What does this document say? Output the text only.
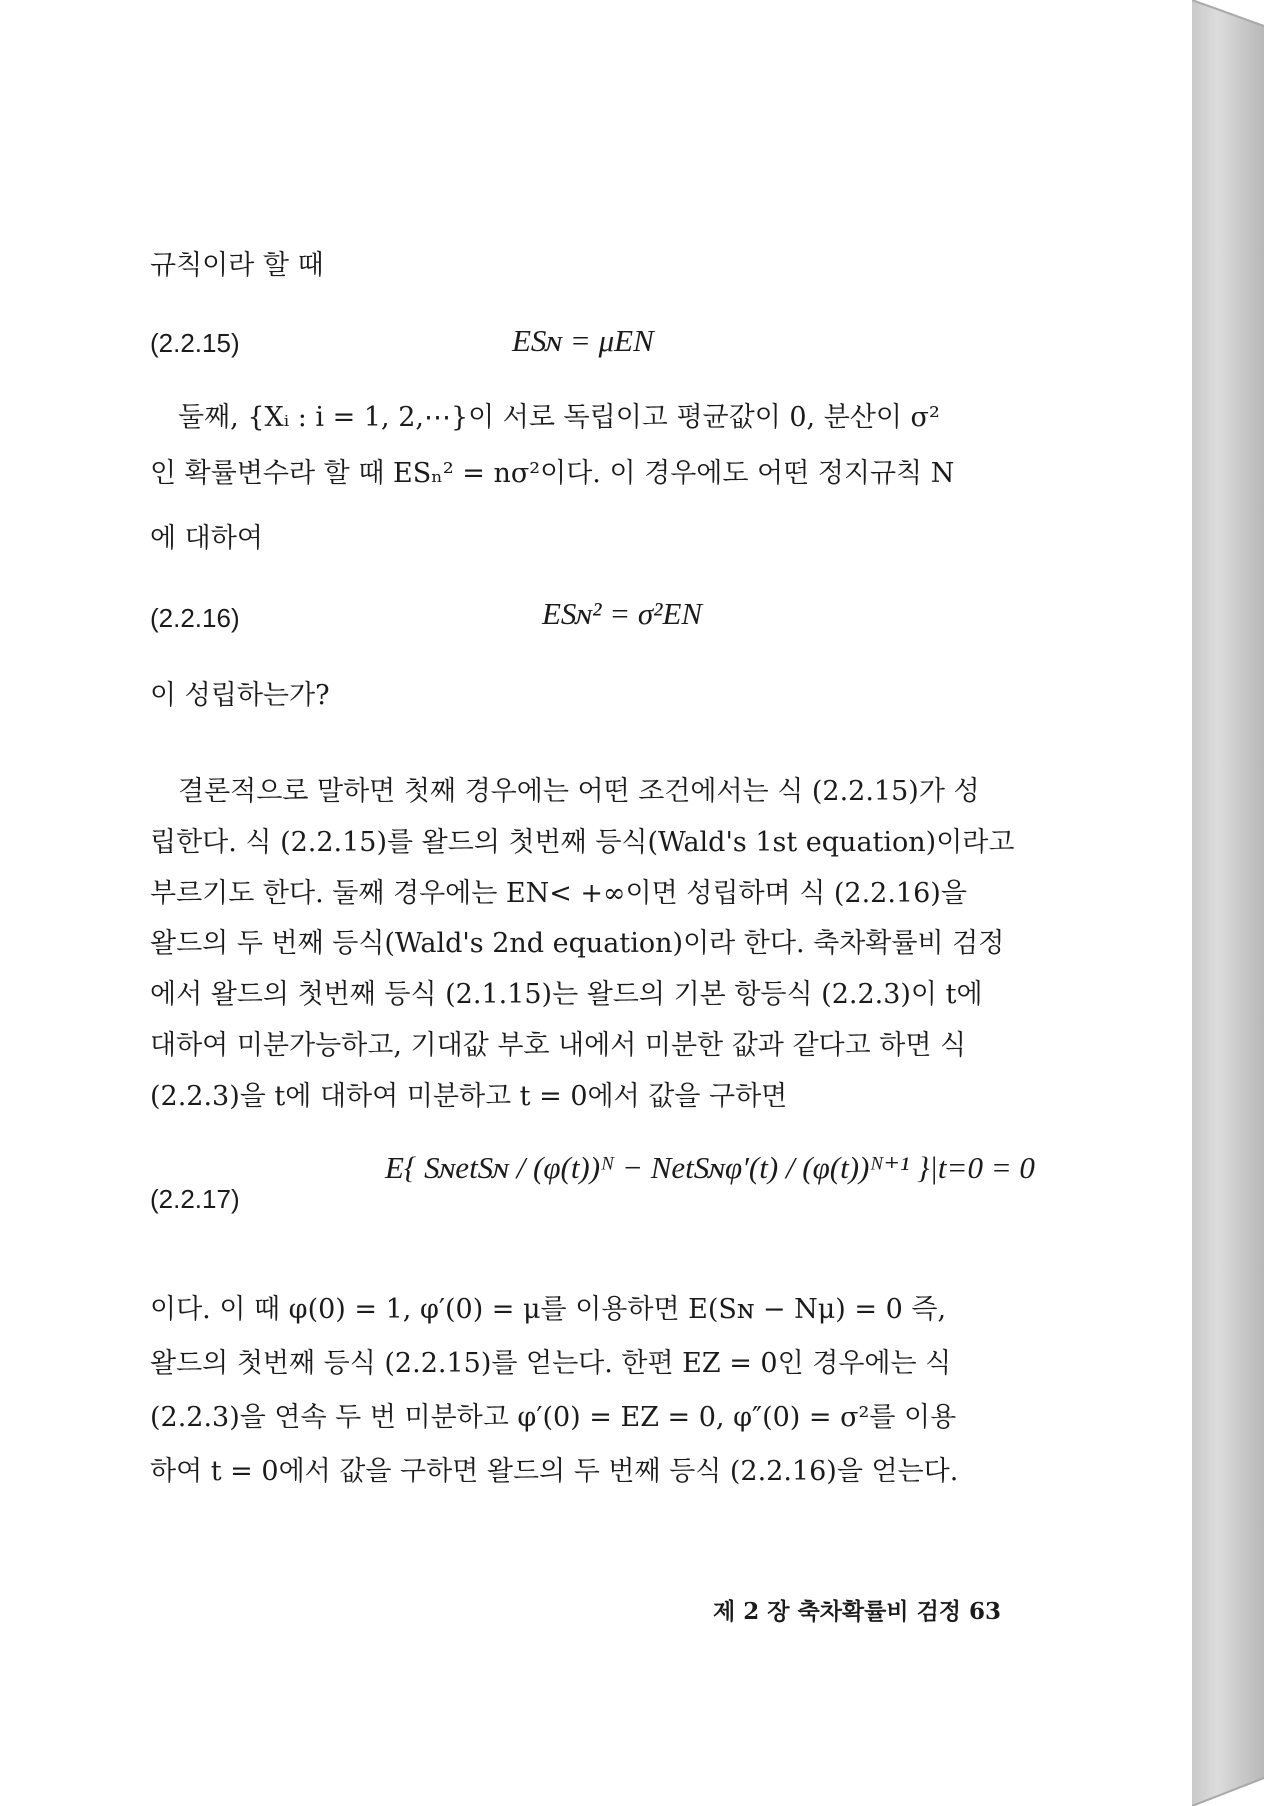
규칙이라 할 때
(2.2.15)	ESɴ = μEN
둘째, {Xᵢ : i = 1, 2,⋯}이 서로 독립이고 평균값이 0, 분산이 σ²
인 확률변수라 할 때 ESₙ² = nσ²이다. 이 경우에도 어떤 정지규칙 N
에 대하여
(2.2.16)	ESɴ² = σ²EN
이 성립하는가?
결론적으로 말하면 첫째 경우에는 어떤 조건에서는 식 (2.2.15)가 성
립한다. 식 (2.2.15)를 왈드의 첫번째 등식(Wald's 1st equation)이라고
부르기도 한다. 둘째 경우에는 EN< +∞이면 성립하며 식 (2.2.16)을
왈드의 두 번째 등식(Wald's 2nd equation)이라 한다. 축차확률비 검정
에서 왈드의 첫번째 등식 (2.1.15)는 왈드의 기본 항등식 (2.2.3)이 t에
대하여 미분가능하고, 기대값 부호 내에서 미분한 값과 같다고 하면 식
(2.2.3)을 t에 대하여 미분하고 t = 0에서 값을 구하면
(2.2.17)
E{ SɴetSɴ / (φ(t))ᴺ − NetSɴφ′(t) / (φ(t))ᴺ⁺¹ }|t=0 = 0
이다. 이 때 φ(0) = 1, φ′(0) = μ를 이용하면 E(Sɴ − Nμ) = 0 즉,
왈드의 첫번째 등식 (2.2.15)를 얻는다. 한편 EZ = 0인 경우에는 식
(2.2.3)을 연속 두 번 미분하고 φ′(0) = EZ = 0, φ″(0) = σ²를 이용
하여 t = 0에서 값을 구하면 왈드의 두 번째 등식 (2.2.16)을 얻는다.
제 2 장 축차확률비 검정 63
